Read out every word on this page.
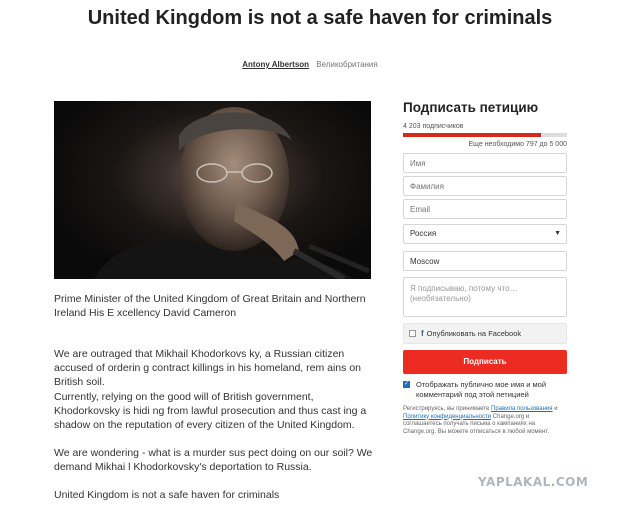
United Kingdom is not a safe haven for criminals
Antony Albertson Великобритания

Prime Minister of the United Kingdom of Great Britain and Northern Ireland His E xcellency David Cameron

We are outraged that Mikhail Khodorkovs ky, a Russian citizen accused of orderin g contract killings in his homeland, rem ains on British soil.

Currently, relying on the good will of British government, Khodorkovsky is hidi ng from lawful prosecution and thus cast ing a shadow on the reputation of every citizen of the United Kingdom.

We are wondering - what is a murder sus pect doing on our soil? We demand Mikhai l Khodorkovsky's deportation to Russia.

United Kingdom is not a safe haven for criminals

Подписать петицию
4 203 подписчиков
Еще необходимо 797 до 5 000
Имя Фамилия Email
Россия	▼
Moscow
Я подписываю, потому что… (необязательно)
f Опубликовать на Facebook
Подписать
✓ Отображать публично мое имя и мой комментарий под этой петицией
Регистрируясь, вы принимаете Правила пользования и Политику конфиденциальности Change.org и соглашаетесь получать письма о кампаниях на Change.org. Вы можете отписаться в любой момент.
YAPLAKAL.COM
